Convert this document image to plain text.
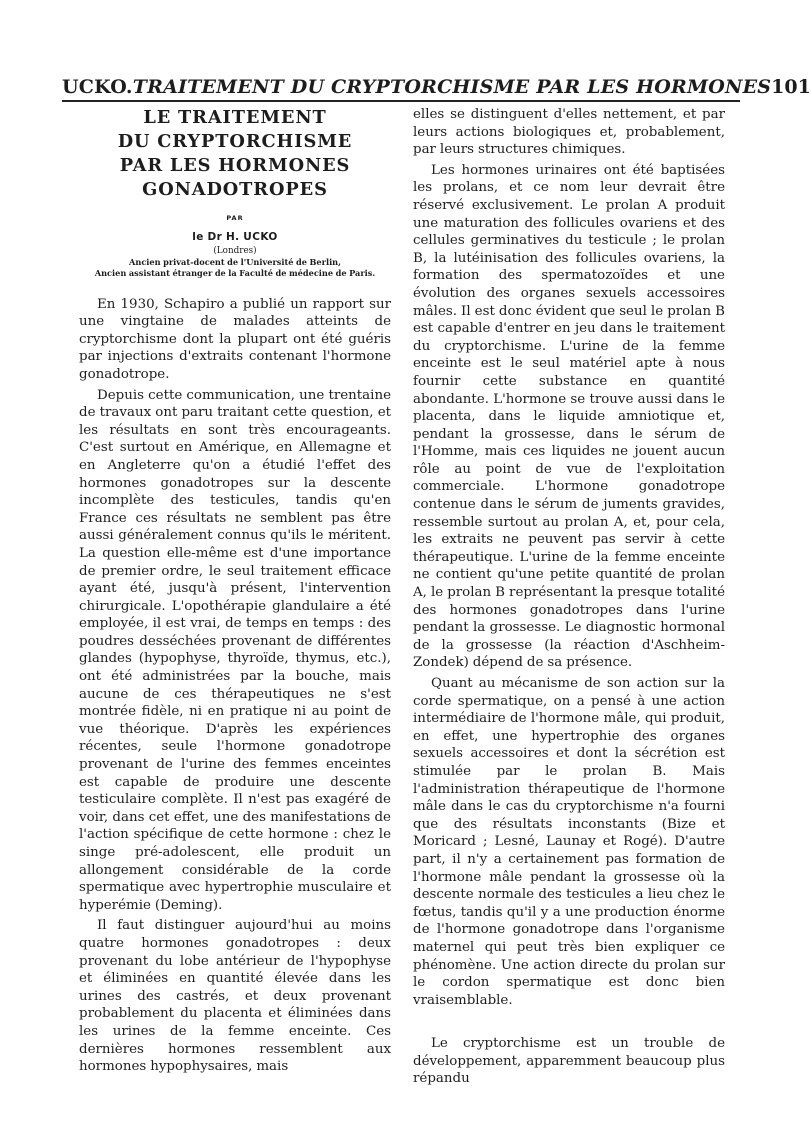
UCKO.TRAITEMENT DU CRYPTORCHISME PAR LES HORMONES 101
LE TRAITEMENT
DU CRYPTORCHISME
PAR LES HORMONES
GONADOTROPES
PAR
le Dr H. UCKO
(Londres)
Ancien privat-docent de l'Université de Berlin,
Ancien assistant étranger de la Faculté de médecine de Paris.

En 1930, Schapiro a publié un rapport sur une vingtaine de malades atteints de cryptorchisme dont la plupart ont été guéris par injections d'extraits contenant l'hormone gonadotrope.

Depuis cette communication, une trentaine de travaux ont paru traitant cette question, et les résultats en sont très encourageants. C'est surtout en Amérique, en Allemagne et en Angleterre qu'on a étudié l'effet des hormones gonadotropes sur la descente incomplète des testicules, tandis qu'en France ces résultats ne semblent pas être aussi généralement connus qu'ils le méritent. La question elle-même est d'une importance de premier ordre, le seul traitement efficace ayant été, jusqu'à présent, l'intervention chirurgicale. L'opothérapie glandulaire a été employée, il est vrai, de temps en temps : des poudres desséchées provenant de différentes glandes (hypophyse, thyroïde, thymus, etc.), ont été administrées par la bouche, mais aucune de ces thérapeutiques ne s'est montrée fidèle, ni en pratique ni au point de vue théorique. D'après les expériences récentes, seule l'hormone gonadotrope provenant de l'urine des femmes enceintes est capable de produire une descente testiculaire complète. Il n'est pas exagéré de voir, dans cet effet, une des manifestations de l'action spécifique de cette hormone : chez le singe pré-adolescent, elle produit un allongement considérable de la corde spermatique avec hypertrophie musculaire et hyperémie (Deming).

Il faut distinguer aujourd'hui au moins quatre hormones gonadotropes : deux provenant du lobe antérieur de l'hypophyse et éliminées en quantité élevée dans les urines des castrés, et deux provenant probablement du placenta et éliminées dans les urines de la femme enceinte. Ces dernières hormones ressemblent aux hormones hypophysaires, mais

elles se distinguent d'elles nettement, et par leurs actions biologiques et, probablement, par leurs structures chimiques.

Les hormones urinaires ont été baptisées les prolans, et ce nom leur devrait être réservé exclusivement. Le prolan A produit une maturation des follicules ovariens et des cellules germinatives du testicule ; le prolan B, la lutéinisation des follicules ovariens, la formation des spermatozoïdes et une évolution des organes sexuels accessoires mâles. Il est donc évident que seul le prolan B est capable d'entrer en jeu dans le traitement du cryptorchisme. L'urine de la femme enceinte est le seul matériel apte à nous fournir cette substance en quantité abondante. L'hormone se trouve aussi dans le placenta, dans le liquide amniotique et, pendant la grossesse, dans le sérum de l'Homme, mais ces liquides ne jouent aucun rôle au point de vue de l'exploitation commerciale. L'hormone gonadotrope contenue dans le sérum de juments gravides, ressemble surtout au prolan A, et, pour cela, les extraits ne peuvent pas servir à cette thérapeutique. L'urine de la femme enceinte ne contient qu'une petite quantité de prolan A, le prolan B représentant la presque totalité des hormones gonadotropes dans l'urine pendant la grossesse. Le diagnostic hormonal de la grossesse (la réaction d'Aschheim-Zondek) dépend de sa présence.

Quant au mécanisme de son action sur la corde spermatique, on a pensé à une action intermédiaire de l'hormone mâle, qui produit, en effet, une hypertrophie des organes sexuels accessoires et dont la sécrétion est stimulée par le prolan B. Mais l'administration thérapeutique de l'hormone mâle dans le cas du cryptorchisme n'a fourni que des résultats inconstants (Bize et Moricard ; Lesné, Launay et Rogé). D'autre part, il n'y a certainement pas formation de l'hormone mâle pendant la grossesse où la descente normale des testicules a lieu chez le fœtus, tandis qu'il y a une production énorme de l'hormone gonadotrope dans l'organisme maternel qui peut très bien expliquer ce phénomène. Une action directe du prolan sur le cordon spermatique est donc bien vraisemblable.

Le cryptorchisme est un trouble de développement, apparemment beaucoup plus répandu
